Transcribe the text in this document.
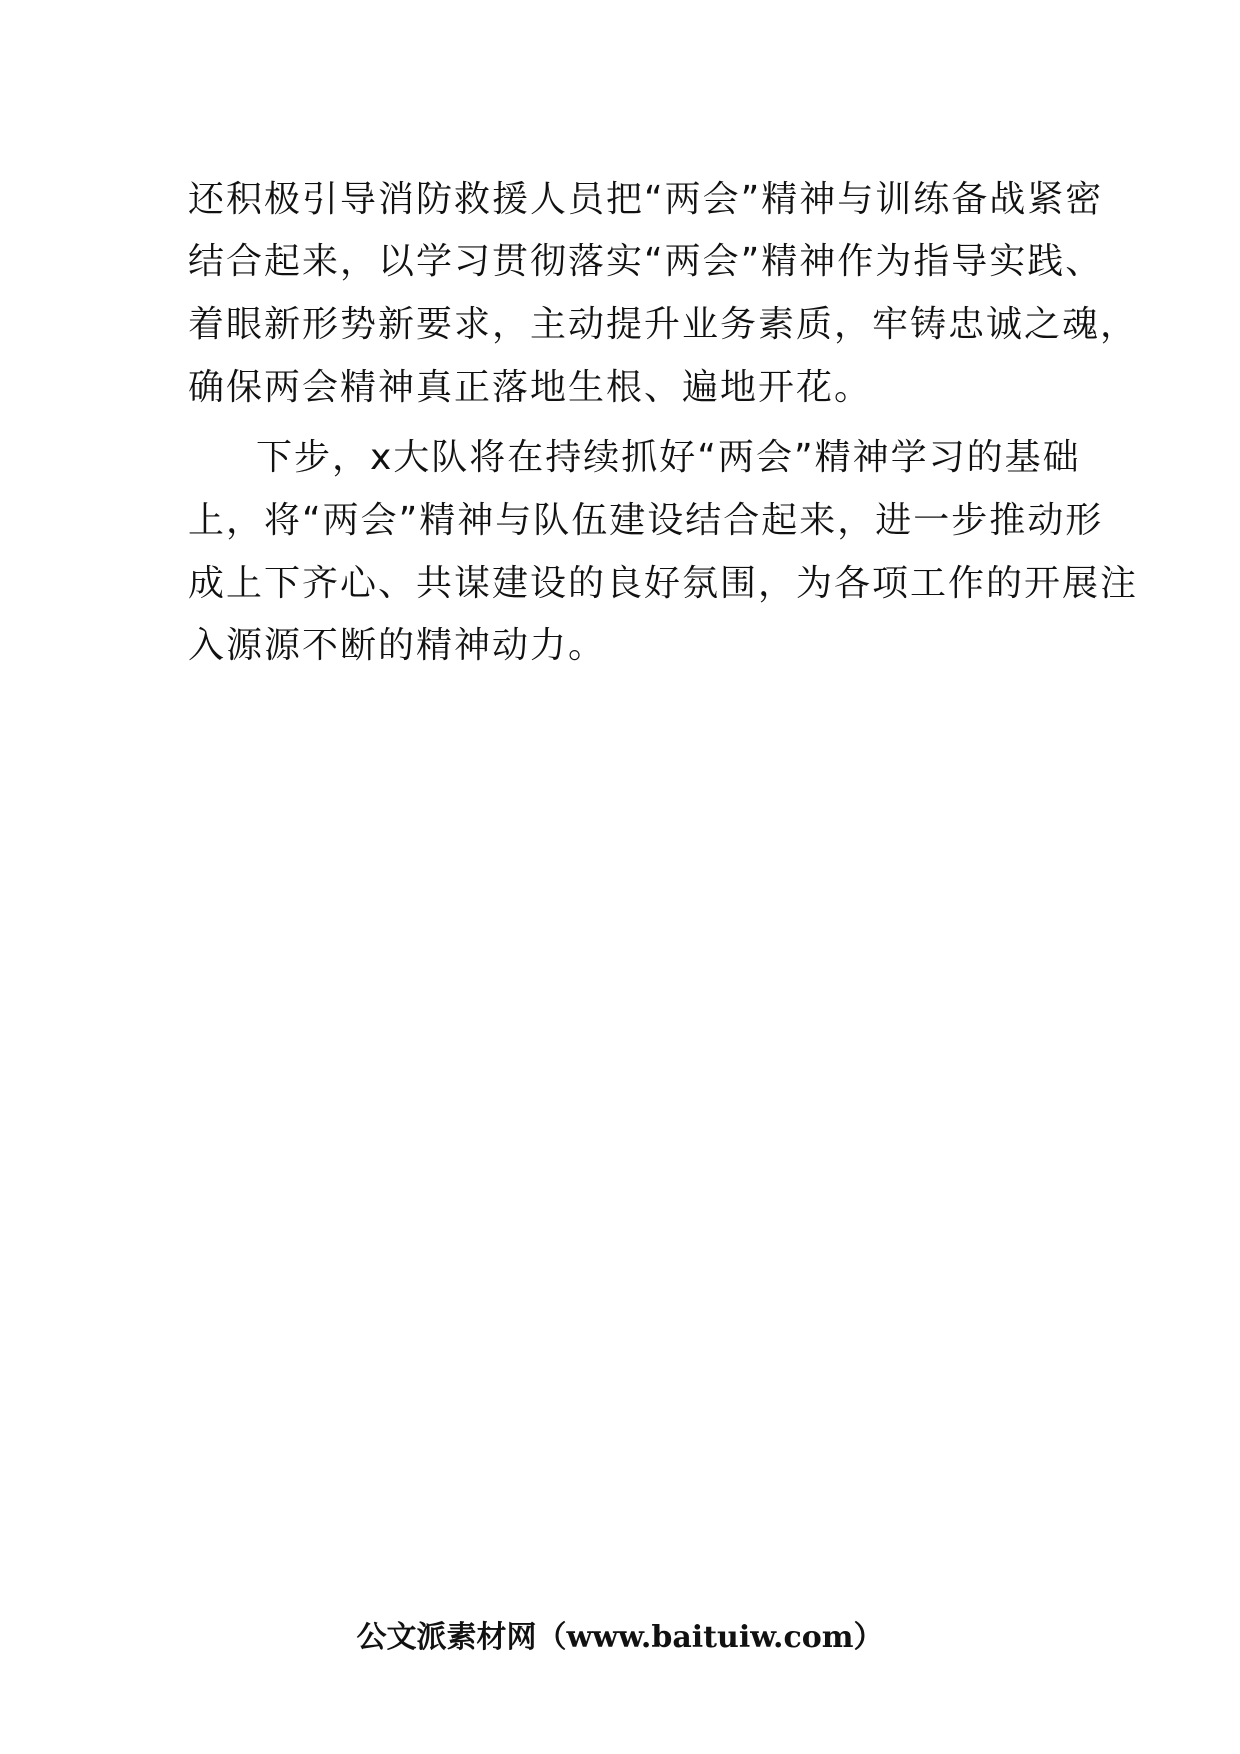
还积极引导消防救援人员把“两会”精神与训练备战紧密
结合起来，以学习贯彻落实“两会”精神作为指导实践、
着眼新形势新要求，主动提升业务素质，牢铸忠诚之魂，
确保两会精神真正落地生根、遍地开花。
下步，x大队将在持续抓好“两会”精神学习的基础
上，将“两会”精神与队伍建设结合起来，进一步推动形
成上下齐心、共谋建设的良好氛围，为各项工作的开展注
入源源不断的精神动力。
公文派素材网（www.baituiw.com）
